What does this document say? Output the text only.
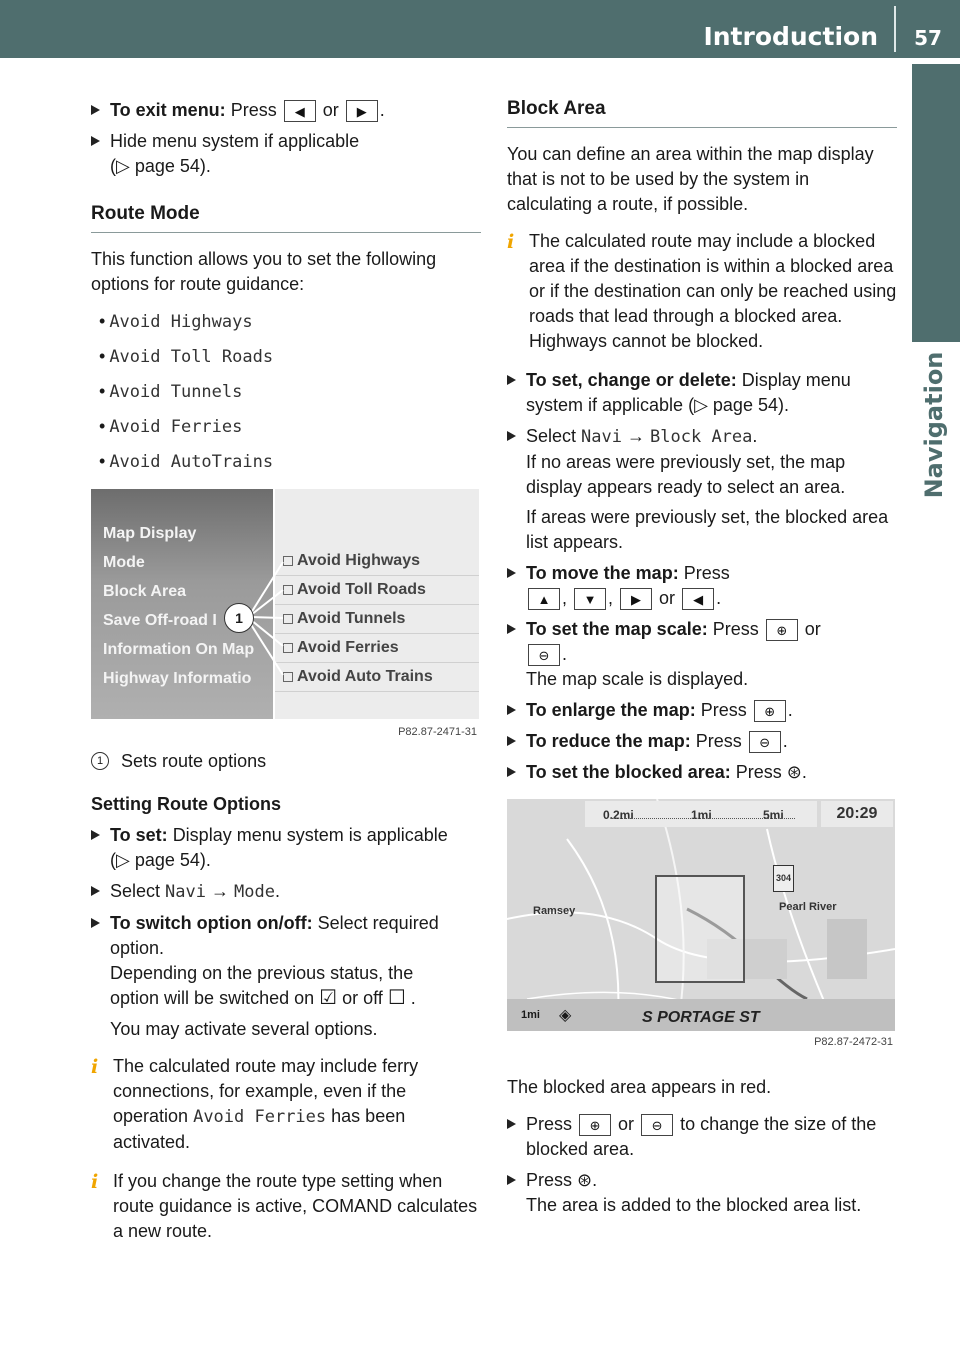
Introduction	57
Navigation
To exit menu: Press ◀ or ▶ .
Hide menu system if applicable
(▷ page 54).
Route Mode
This function allows you to set the following options for route guidance:
• Avoid Highways
• Avoid Toll Roads
• Avoid Tunnels
• Avoid Ferries
• Avoid AutoTrains
Map Display
Mode
Block Area
Save Off-road I
Information On Map
Highway Informatio
Avoid Highways
Avoid Toll Roads
Avoid Tunnels
Avoid Ferries
Avoid Auto Trains
1
P82.87-2471-31
1 Sets route options
Setting Route Options
To set: Display menu system is applicable
(▷ page 54).
Select Navi → Mode.
To switch option on/off: Select required option.
Depending on the previous status, the
option will be switched on ☑ or off ☐ .
You may activate several options.
i The calculated route may include ferry connections, for example, even if the operation Avoid Ferries has been activated.
i If you change the route type setting when route guidance is active, COMAND calculates a new route.
Block Area
You can define an area within the map display that is not to be used by the system in calculating a route, if possible.
i The calculated route may include a blocked area if the destination is within a blocked area or if the destination can only be reached using roads that lead through a blocked area. Highways cannot be blocked.
To set, change or delete: Display menu system if applicable (▷ page 54).
Select Navi → Block Area.
If no areas were previously set, the map display appears ready to select an area.
If areas were previously set, the blocked area list appears.
To move the map: Press
▲ , ▼ , ▶ or ◀ .
To set the map scale: Press ⊕ or
⊖ .
The map scale is displayed.
To enlarge the map: Press ⊕ .
To reduce the map: Press ⊖ .
To set the blocked area: Press ⊛.
0.2mi	1mi	5mi	20:29
Ramsey	Pearl River
304
1mi ◈	S PORTAGE ST
P82.87-2472-31
The blocked area appears in red.
Press ⊕ or ⊖ to change the size of the blocked area.
Press ⊛.
The area is added to the blocked area list.
